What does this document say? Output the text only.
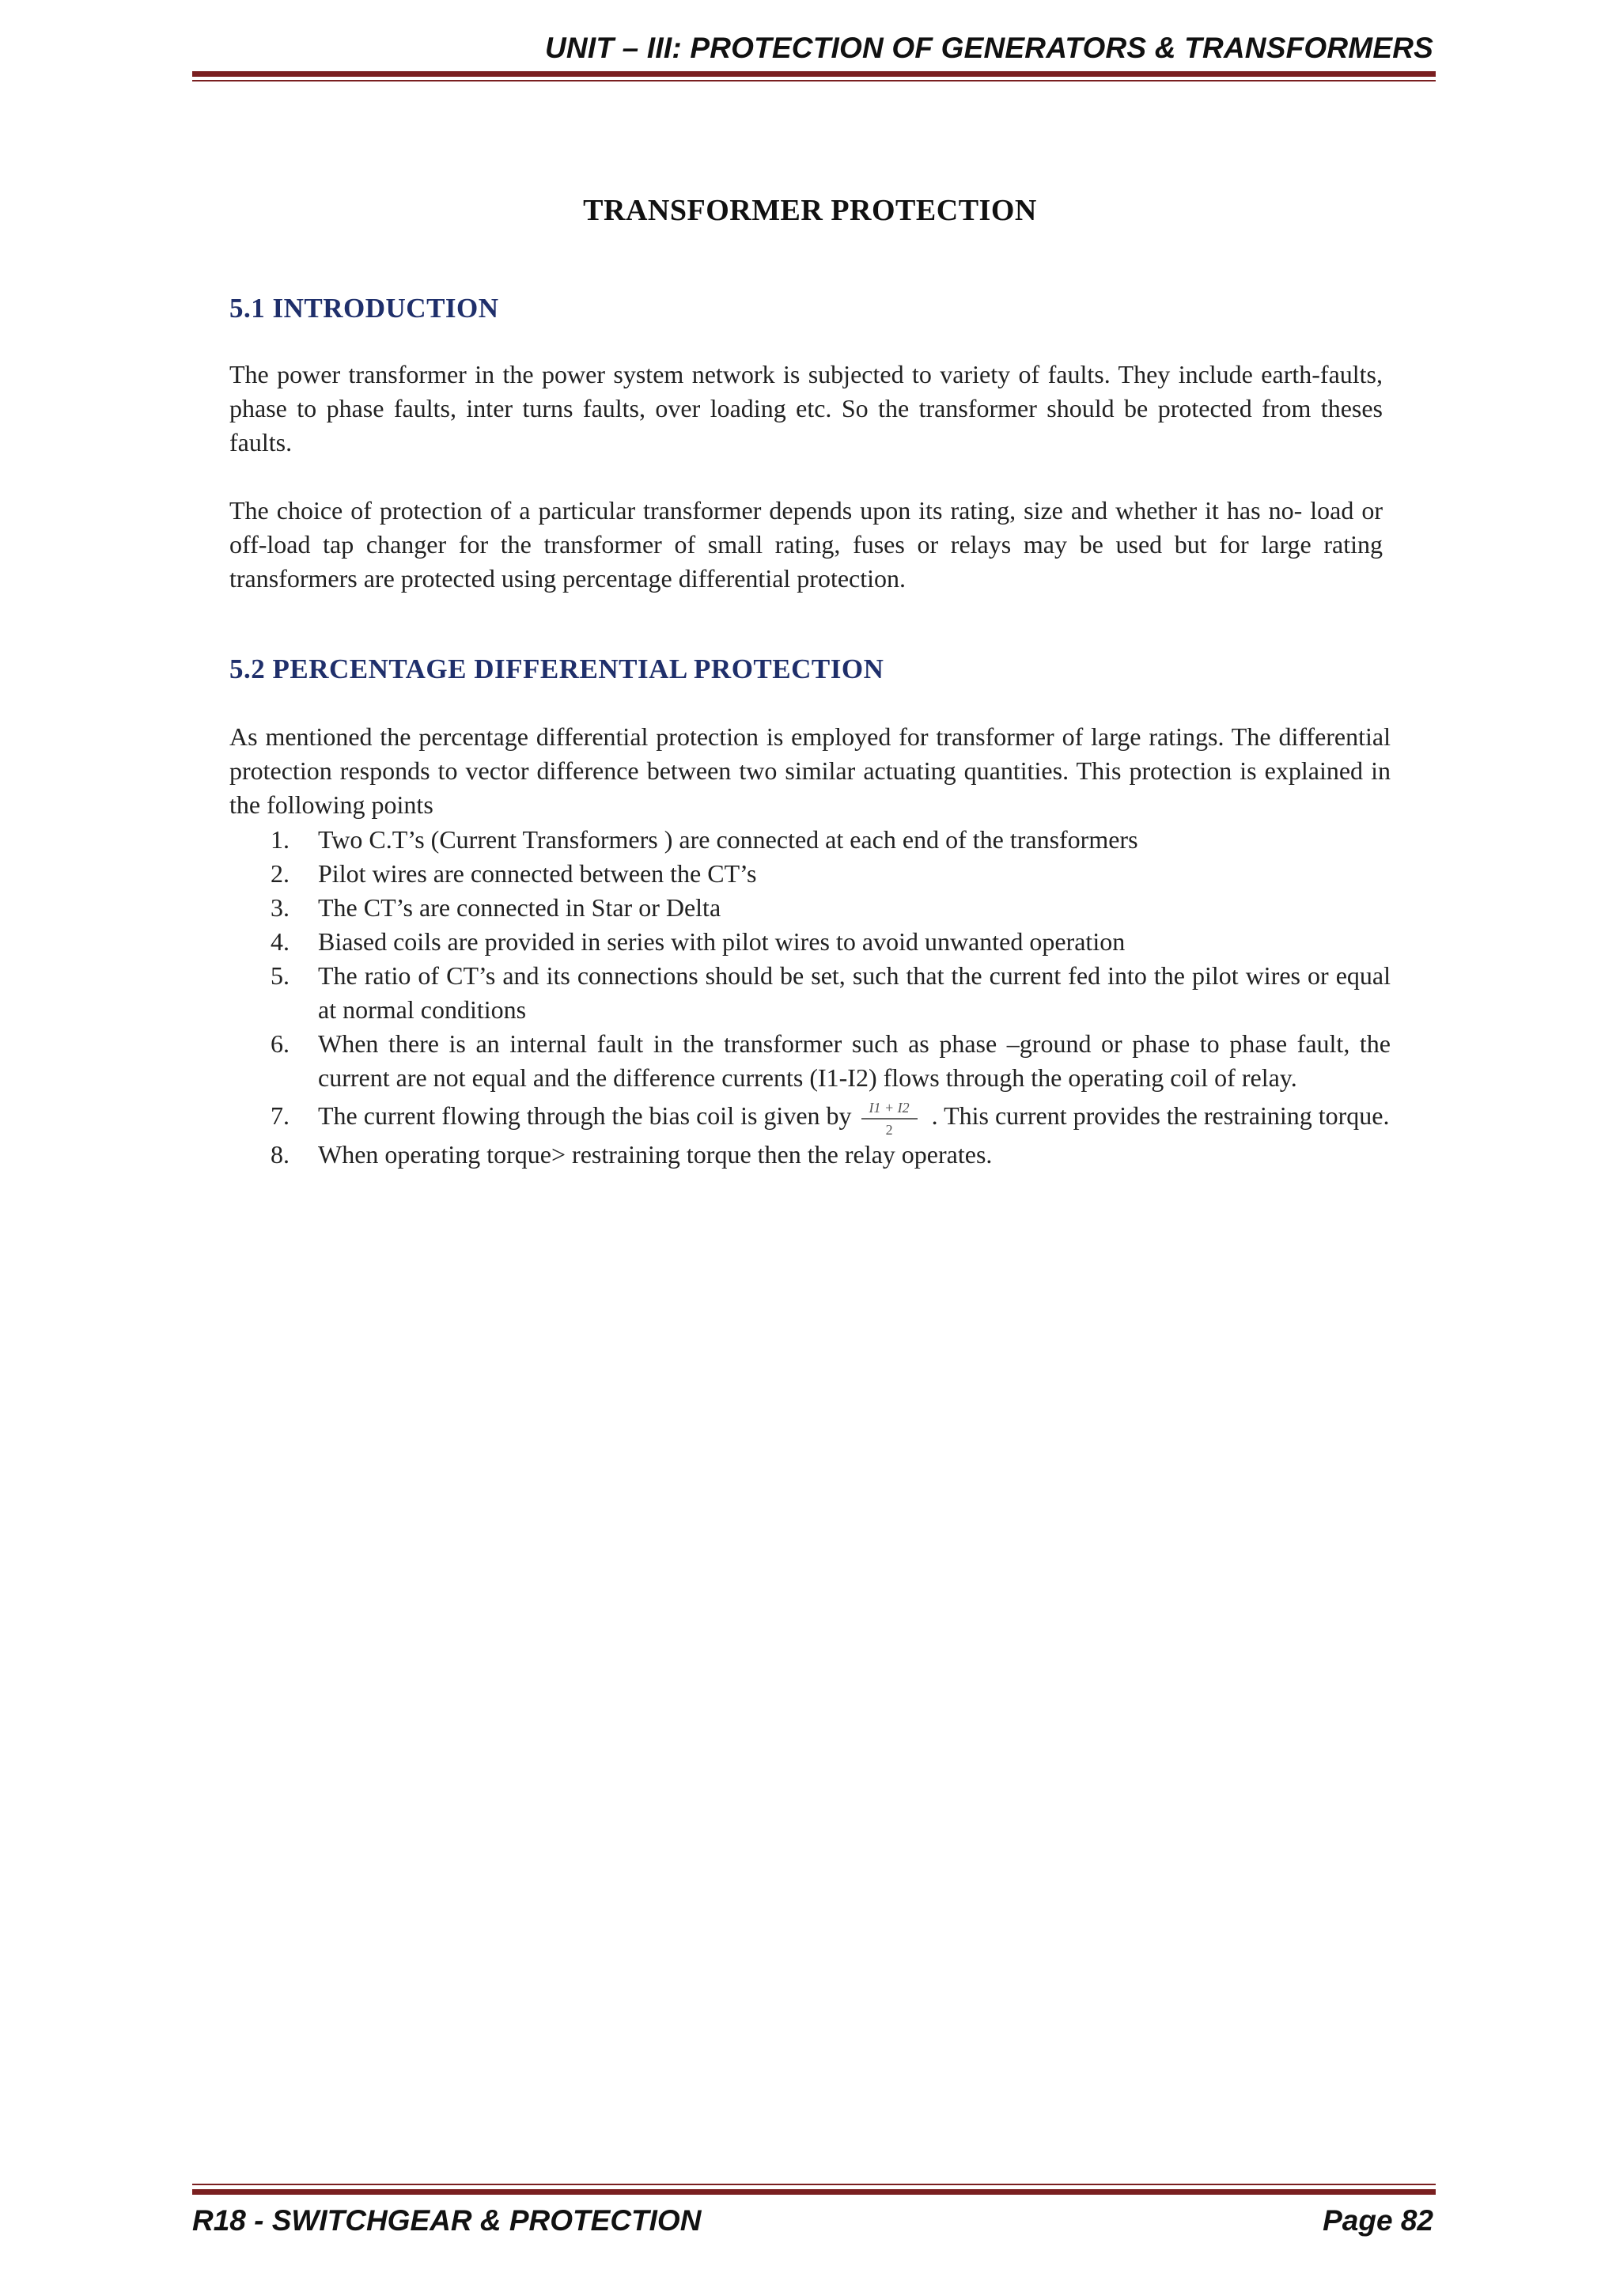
UNIT – III: PROTECTION OF GENERATORS & TRANSFORMERS
TRANSFORMER PROTECTION
5.1 INTRODUCTION

The power transformer in the power system network is subjected to variety of faults. They include earth-faults, phase to phase faults, inter turns faults, over loading etc. So the transformer should be protected from theses faults.

The choice of protection of a particular transformer depends upon its rating, size and whether it has no- load or off-load tap changer for the transformer of small rating, fuses or relays may be used but for large rating transformers are protected using percentage differential protection.

5.2 PERCENTAGE DIFFERENTIAL PROTECTION

As mentioned the percentage differential protection is employed for transformer of large ratings. The differential protection responds to vector difference between two similar actuating quantities. This protection is explained in the following points

1. Two C.T’s (Current Transformers ) are connected at each end of the transformers
2. Pilot wires are connected between the CT’s
3. The CT’s are connected in Star or Delta
4. Biased coils are provided in series with pilot wires to avoid unwanted operation
5. The ratio of CT’s and its connections should be set, such that the current fed into the pilot wires or equal at normal conditions
6. When there is an internal fault in the transformer such as phase –ground or phase to phase fault, the current are not equal and the difference currents (I1-I2) flows through the operating coil of relay.
7. The current flowing through the bias coil is given by $\frac{I1 + I2}{2}$ . This current provides the restraining torque.
8. When operating torque> restraining torque then the relay operates.
R18 - SWITCHGEAR & PROTECTION	Page 82
